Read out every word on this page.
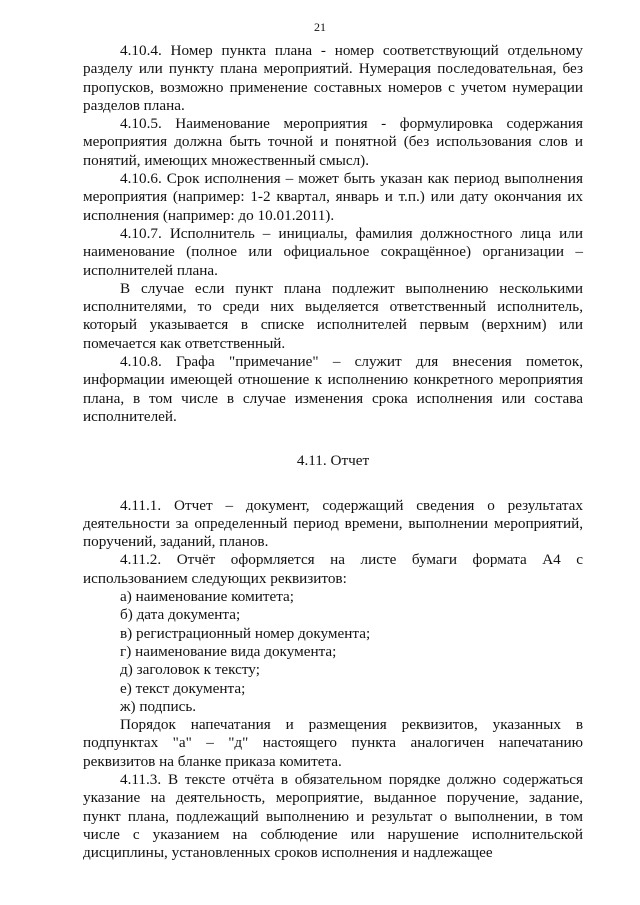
21

4.10.4. Номер пункта плана - номер соответствующий отдельному разделу или пункту плана мероприятий. Нумерация последовательная, без пропусков, возможно применение составных номеров с учетом нумерации разделов плана.

4.10.5. Наименование мероприятия - формулировка содержания мероприятия должна быть точной и понятной (без использования слов и понятий, имеющих множественный смысл).

4.10.6. Срок исполнения – может быть указан как период выполнения мероприятия (например: 1-2 квартал, январь и т.п.) или дату окончания их исполнения (например: до 10.01.2011).

4.10.7. Исполнитель – инициалы, фамилия должностного лица или наименование (полное или официальное сокращённое) организации – исполнителей плана.

В случае если пункт плана подлежит выполнению несколькими исполнителями, то среди них выделяется ответственный исполнитель, который указывается в списке исполнителей первым (верхним) или помечается как ответственный.

4.10.8. Графа "примечание" – служит для внесения пометок, информации имеющей отношение к исполнению конкретного мероприятия плана, в том числе в случае изменения срока исполнения или состава исполнителей.

4.11. Отчет

4.11.1. Отчет – документ, содержащий сведения о результатах деятельности за определенный период времени, выполнении мероприятий, поручений, заданий, планов.

4.11.2. Отчёт оформляется на листе бумаги формата А4 с использованием следующих реквизитов:

а) наименование комитета;

б) дата документа;

в) регистрационный номер документа;

г) наименование вида документа;

д) заголовок к тексту;

е) текст документа;

ж) подпись.

Порядок напечатания и размещения реквизитов, указанных в подпунктах "а" – "д" настоящего пункта аналогичен напечатанию реквизитов на бланке приказа комитета.

4.11.3. В тексте отчёта в обязательном порядке должно содержаться указание на деятельность, мероприятие, выданное поручение, задание, пункт плана, подлежащий выполнению и результат о выполнении, в том числе с указанием на соблюдение или нарушение исполнительской дисциплины, установленных сроков исполнения и надлежащее
